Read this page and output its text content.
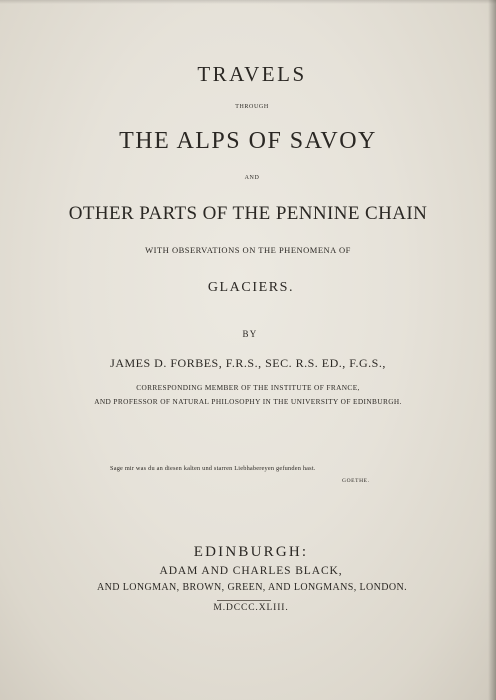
TRAVELS
THROUGH
THE ALPS OF SAVOY
AND
OTHER PARTS OF THE PENNINE CHAIN
WITH OBSERVATIONS ON THE PHENOMENA OF
GLACIERS.
BY
JAMES D. FORBES, F.R.S., SEC. R.S. ED., F.G.S.,
CORRESPONDING MEMBER OF THE INSTITUTE OF FRANCE,
AND PROFESSOR OF NATURAL PHILOSOPHY IN THE UNIVERSITY OF EDINBURGH.
Sage mir was du an diesen kalten und starren Liebhabereyen gefunden hast.
GOETHE.
EDINBURGH:
ADAM AND CHARLES BLACK,
AND LONGMAN, BROWN, GREEN, AND LONGMANS, LONDON.
M.DCCC.XLIII.
